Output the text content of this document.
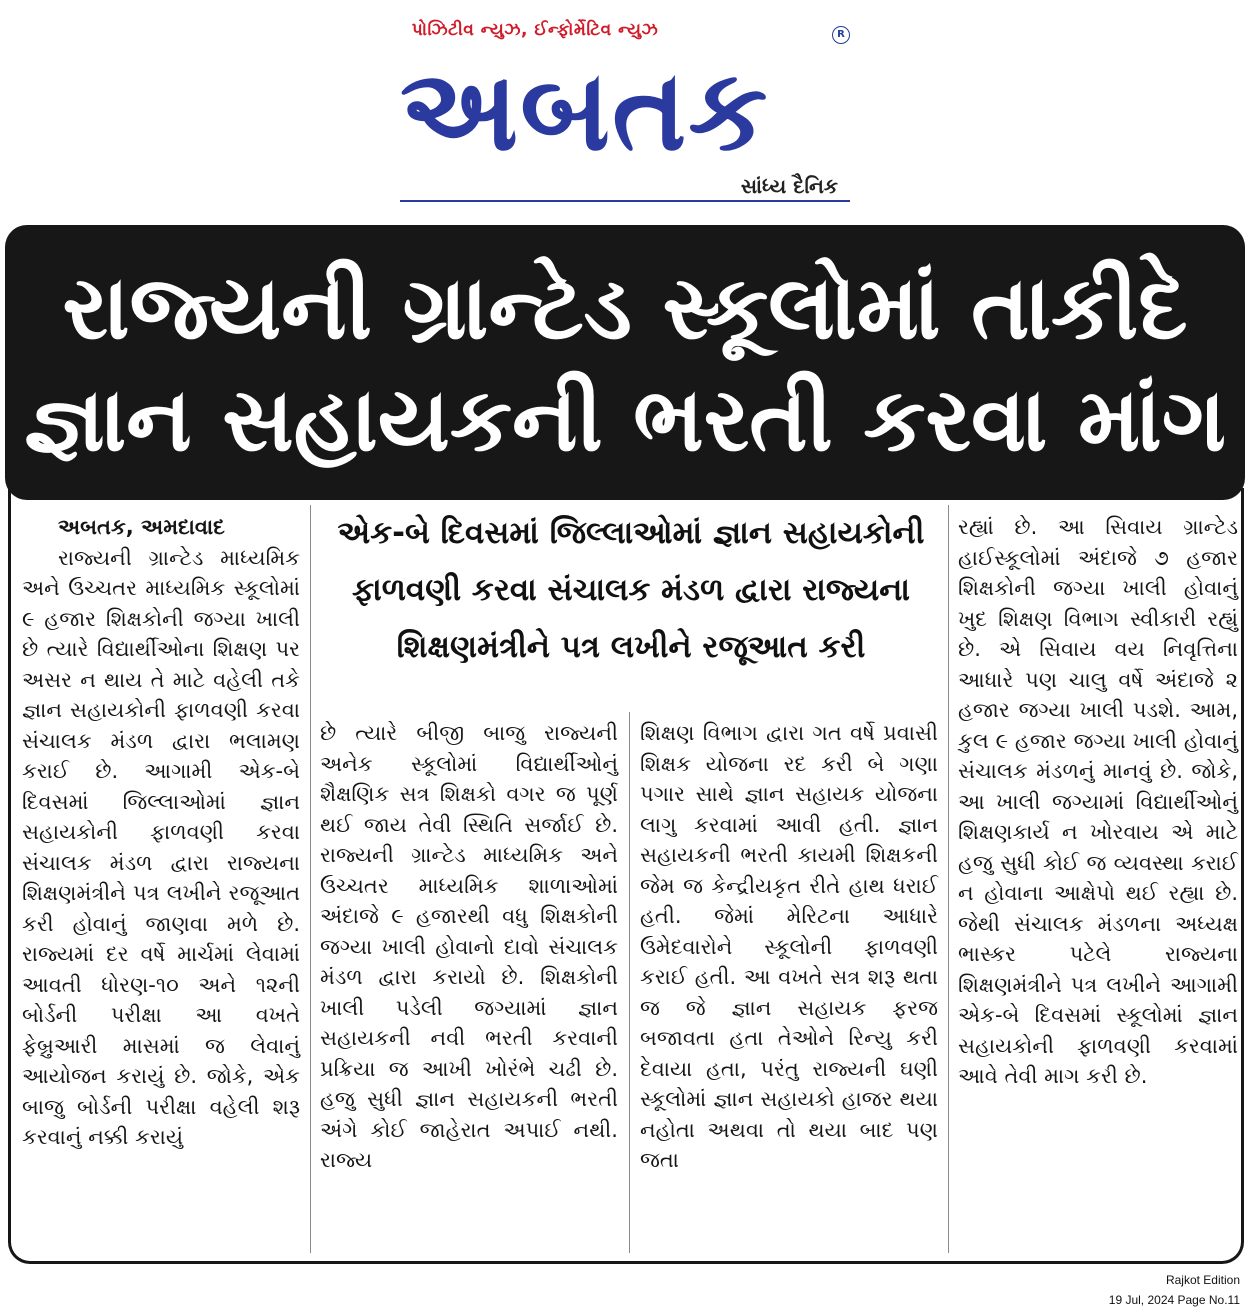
પોઝિટીવ ન્યુઝ, ઈન્ફોર્મેટિવ ન્યુઝ	R
અબતક
સાંધ્ય દૈનિક
રાજ્યની ગ્રાન્ટેડ સ્કૂલોમાં તાકીદે
જ્ઞાન સહાયકની ભરતી કરવા માંગ
અબતક, અમદાવાદ

રાજ્યની ગ્રાન્ટેડ માધ્યમિક અને ઉચ્ચતર માધ્યમિક સ્કૂલોમાં ૯ હજાર શિક્ષકોની જગ્યા ખાલી છે ત્યારે વિદ્યાર્થીઓના શિક્ષણ પર અસર ન થાય તે માટે વહેલી તકે જ્ઞાન સહાયકોની ફાળવણી કરવા સંચાલક મંડળ દ્વારા ભલામણ કરાઈ છે. આગામી એક-બે દિવસમાં જિલ્લાઓમાં જ્ઞાન સહાયકોની ફાળવણી કરવા સંચાલક મંડળ દ્વારા રાજ્યના શિક્ષણમંત્રીને પત્ર લખીને રજૂઆત કરી હોવાનું જાણવા મળે છે. રાજ્યમાં દર વર્ષે માર્ચમાં લેવામાં આવતી ધોરણ-૧૦ અને ૧૨ની બોર્ડની પરીક્ષા આ વખતે ફેબ્રુઆરી માસમાં જ લેવાનું આયોજન કરાયું છે. જોકે, એક બાજુ બોર્ડની પરીક્ષા વહેલી શરૂ કરવાનું નક્કી કરાયું

એક-બે દિવસમાં જિલ્લાઓમાં જ્ઞાન સહાયકોની ફાળવણી કરવા સંચાલક મંડળ દ્વારા રાજ્યના શિક્ષણમંત્રીને પત્ર લખીને રજૂઆત કરી

છે ત્યારે બીજી બાજુ રાજ્યની અનેક સ્કૂલોમાં વિદ્યાર્થીઓનું શૈક્ષણિક સત્ર શિક્ષકો વગર જ પૂર્ણ થઈ જાય તેવી સ્થિતિ સર્જાઈ છે. રાજ્યની ગ્રાન્ટેડ માધ્યમિક અને ઉચ્ચતર માધ્યમિક શાળાઓમાં અંદાજે ૯ હજારથી વધુ શિક્ષકોની જગ્યા ખાલી હોવાનો દાવો સંચાલક મંડળ દ્વારા કરાયો છે. શિક્ષકોની ખાલી પડેલી જગ્યામાં જ્ઞાન સહાયકની નવી ભરતી કરવાની પ્રક્રિયા જ આખી ખોરંભે ચઢી છે. હજુ સુધી જ્ઞાન સહાયકની ભરતી અંગે કોઈ જાહેરાત અપાઈ નથી. રાજ્ય

શિક્ષણ વિભાગ દ્વારા ગત વર્ષે પ્રવાસી શિક્ષક યોજના રદ કરી બે ગણા પગાર સાથે જ્ઞાન સહાયક યોજના લાગુ કરવામાં આવી હતી. જ્ઞાન સહાયકની ભરતી કાયમી શિક્ષકની જેમ જ કેન્દ્રીયકૃત રીતે હાથ ધરાઈ હતી. જેમાં મેરિટના આધારે ઉમેદવારોને સ્કૂલોની ફાળવણી કરાઈ હતી. આ વખતે સત્ર શરૂ થતા જ જે જ્ઞાન સહાયક ફરજ બજાવતા હતા તેઓને રિન્યુ કરી દેવાયા હતા, પરંતુ રાજ્યની ઘણી સ્કૂલોમાં જ્ઞાન સહાયકો હાજર થયા નહોતા અથવા તો થયા બાદ પણ જતા

રહ્યાં છે. આ સિવાય ગ્રાન્ટેડ હાઈસ્કૂલોમાં અંદાજે ૭ હજાર શિક્ષકોની જગ્યા ખાલી હોવાનું ખુદ શિક્ષણ વિભાગ સ્વીકારી રહ્યું છે. એ સિવાય વય નિવૃત્તિના આધારે પણ ચાલુ વર્ષે અંદાજે ૨ હજાર જગ્યા ખાલી પડશે. આમ, કુલ ૯ હજાર જગ્યા ખાલી હોવાનું સંચાલક મંડળનું માનવું છે. જોકે, આ ખાલી જગ્યામાં વિદ્યાર્થીઓનું શિક્ષણકાર્ય ન ખોરવાય એ માટે હજુ સુધી કોઈ જ વ્યવસ્થા કરાઈ ન હોવાના આક્ષેપો થઈ રહ્યા છે. જેથી સંચાલક મંડળના અધ્યક્ષ ભાસ્કર પટેલે રાજ્યના શિક્ષણમંત્રીને પત્ર લખીને આગામી એક-બે દિવસમાં સ્કૂલોમાં જ્ઞાન સહાયકોની ફાળવણી કરવામાં આવે તેવી માગ કરી છે.

Rajkot Edition
19 Jul, 2024 Page No.11
